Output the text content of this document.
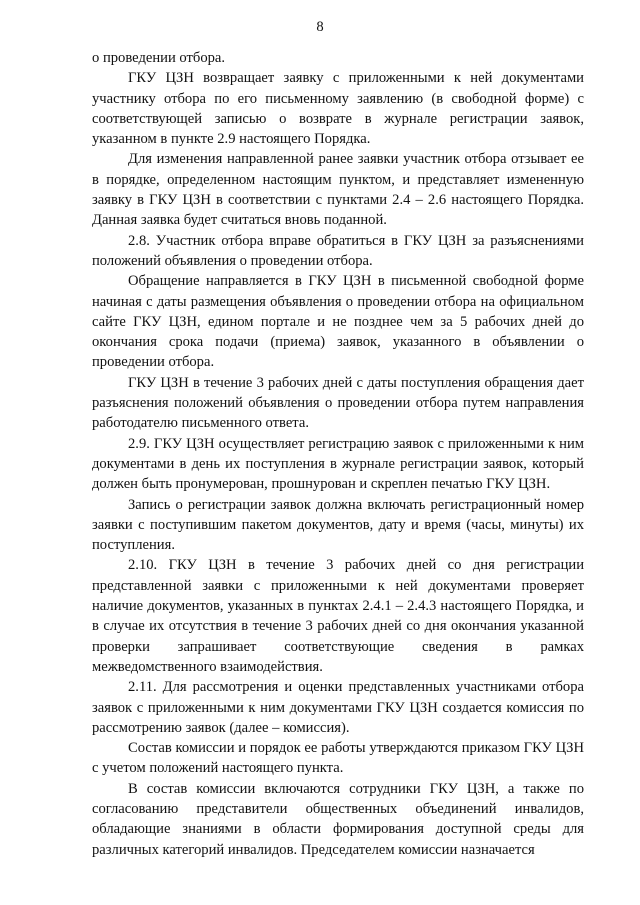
8

о проведении отбора.

ГКУ ЦЗН возвращает заявку с приложенными к ней документами участнику отбора по его письменному заявлению (в свободной форме) с соответствующей записью о возврате в журнале регистрации заявок, указанном в пункте 2.9 настоящего Порядка.

Для изменения направленной ранее заявки участник отбора отзывает ее в порядке, определенном настоящим пунктом, и представляет измененную заявку в ГКУ ЦЗН в соответствии с пунктами 2.4 – 2.6 настоящего Порядка. Данная заявка будет считаться вновь поданной.

2.8. Участник отбора вправе обратиться в ГКУ ЦЗН за разъяснениями положений объявления о проведении отбора.

Обращение направляется в ГКУ ЦЗН в письменной свободной форме начиная с даты размещения объявления о проведении отбора на официальном сайте ГКУ ЦЗН, едином портале и не позднее чем за 5 рабочих дней до окончания срока подачи (приема) заявок, указанного в объявлении о проведении отбора.

ГКУ ЦЗН в течение 3 рабочих дней с даты поступления обращения дает разъяснения положений объявления о проведении отбора путем направления работодателю письменного ответа.

2.9. ГКУ ЦЗН осуществляет регистрацию заявок с приложенными к ним документами в день их поступления в журнале регистрации заявок, который должен быть пронумерован, прошнурован и скреплен печатью ГКУ ЦЗН.

Запись о регистрации заявок должна включать регистрационный номер заявки с поступившим пакетом документов, дату и время (часы, минуты) их поступления.

2.10. ГКУ ЦЗН в течение 3 рабочих дней со дня регистрации представленной заявки с приложенными к ней документами проверяет наличие документов, указанных в пунктах 2.4.1 – 2.4.3 настоящего Порядка, и в случае их отсутствия в течение 3 рабочих дней со дня окончания указанной проверки запрашивает соответствующие сведения в рамках межведомственного взаимодействия.

2.11. Для рассмотрения и оценки представленных участниками отбора заявок с приложенными к ним документами ГКУ ЦЗН создается комиссия по рассмотрению заявок (далее – комиссия).

Состав комиссии и порядок ее работы утверждаются приказом ГКУ ЦЗН с учетом положений настоящего пункта.

В состав комиссии включаются сотрудники ГКУ ЦЗН, а также по согласованию представители общественных объединений инвалидов, обладающие знаниями в области формирования доступной среды для различных категорий инвалидов. Председателем комиссии назначается
